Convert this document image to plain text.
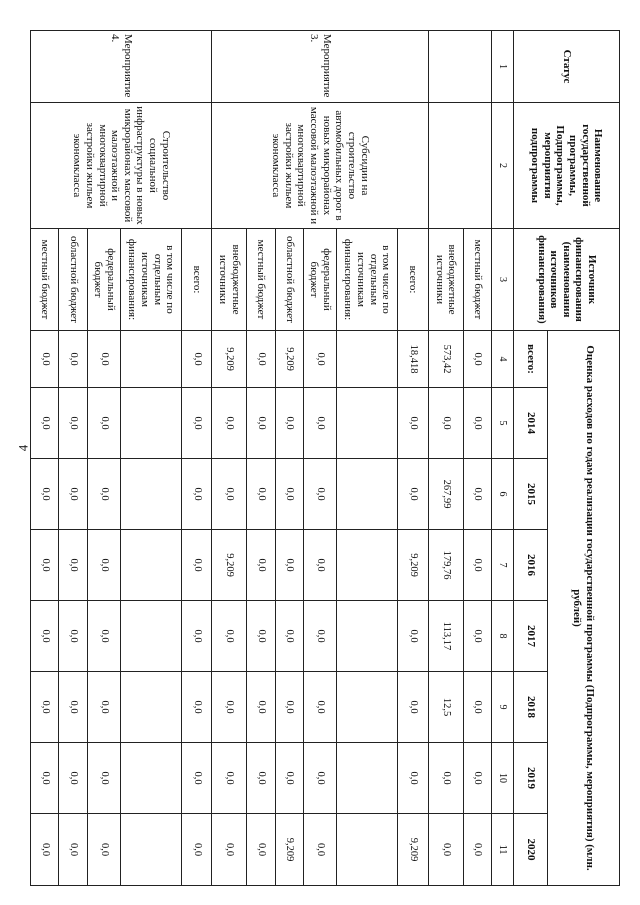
4
Статус	Наименование государственной программы, Подпрограммы, мероприятия подпрограммы	Источник финансирования (наименования источников финансирования)	Оценка расходов по годам реализации государственной программы (Подпрограммы, мероприятия) (млн. рублей)							
			всего:	2014	2015	2016	2017	2018	2019	2020
1	2	3	4	5	6	7	8	9	10	11
		местный бюджет	0,0	0,0	0,0	0,0	0,0	0,0	0,0	0,0
		внебюджетные источники	573,42	0,0	267,99	179,76	113,17	12,5	0,0	0,0
Мероприятие 3.	Субсидии на строительство автомобильных дорог в новых микрорайонах массовой малоэтажной и многоквартирной застройки жильем экономкласса	всего:	18,418	0,0	0,0	9,209	0,0	0,0	0,0	9,209
		в том числе по отдельным источникам финансирования:								
		федеральный бюджет	0,0	0,0	0,0	0,0	0,0	0,0	0,0	0,0
		областной бюджет	9,209	0,0	0,0	0,0	0,0	0,0	0,0	9,209
		местный бюджет	0,0	0,0	0,0	0,0	0,0	0,0	0,0	0,0
		внебюджетные источники	9,209	0,0	0,0	9,209	0,0	0,0	0,0	0,0
Мероприятие 4.	Строительство социальной инфраструктуры в новых микрорайонах массовой малоэтажной и многоквартирной застройки жильем экономкласса	всего:	0,0	0,0	0,0	0,0	0,0	0,0	0,0	0,0
		в том числе по отдельным источникам финансирования:								
		федеральный бюджет	0,0	0,0	0,0	0,0	0,0	0,0	0,0	0,0
		областной бюджет	0,0	0,0	0,0	0,0	0,0	0,0	0,0	0,0
		местный бюджет	0,0	0,0	0,0	0,0	0,0	0,0	0,0	0,0
